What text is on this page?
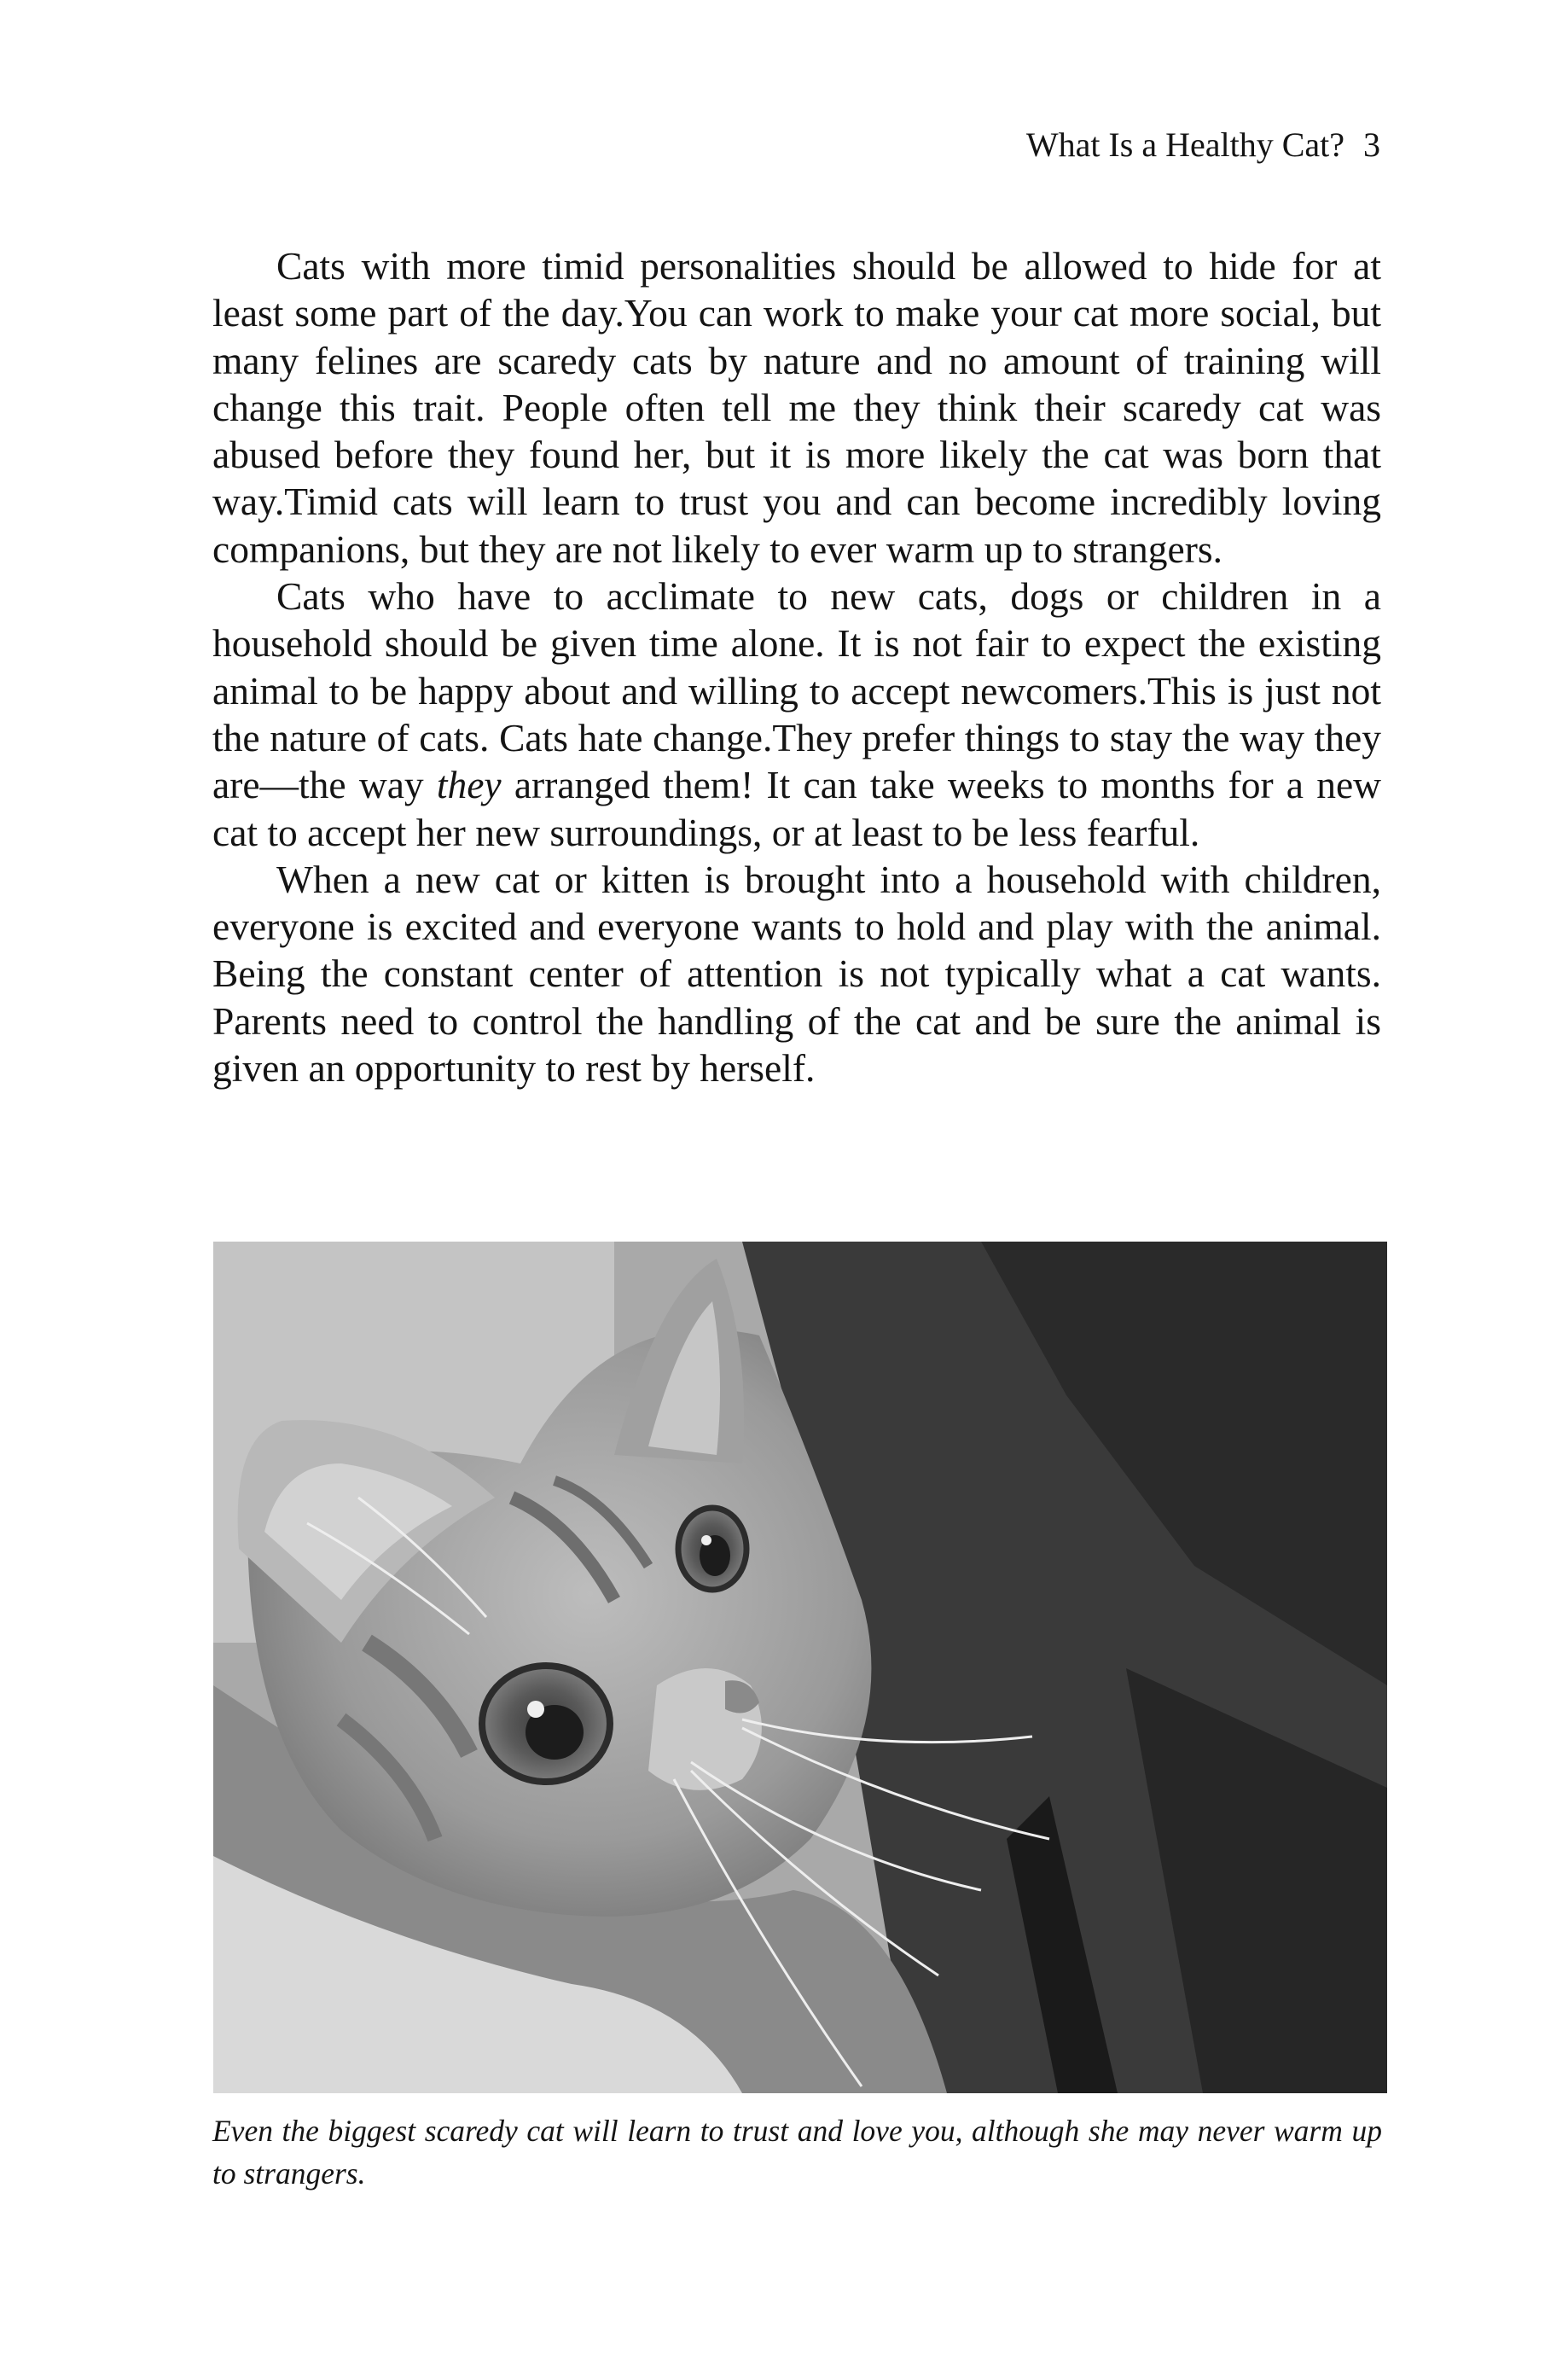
What Is a Healthy Cat? 3

Cats with more timid personalities should be allowed to hide for at least some part of the day.You can work to make your cat more social, but many felines are scaredy cats by nature and no amount of training will change this trait. People often tell me they think their scaredy cat was abused before they found her, but it is more likely the cat was born that way.Timid cats will learn to trust you and can become incredibly loving companions, but they are not likely to ever warm up to strangers.

Cats who have to acclimate to new cats, dogs or children in a household should be given time alone. It is not fair to expect the existing animal to be happy about and willing to accept newcomers.This is just not the nature of cats. Cats hate change.They prefer things to stay the way they are—the way they arranged them! It can take weeks to months for a new cat to accept her new surroundings, or at least to be less fearful.

When a new cat or kitten is brought into a household with children, everyone is excited and everyone wants to hold and play with the animal. Being the constant center of attention is not typically what a cat wants. Parents need to control the handling of the cat and be sure the animal is given an opportunity to rest by herself.

Even the biggest scaredy cat will learn to trust and love you, although she may never warm up to strangers.
